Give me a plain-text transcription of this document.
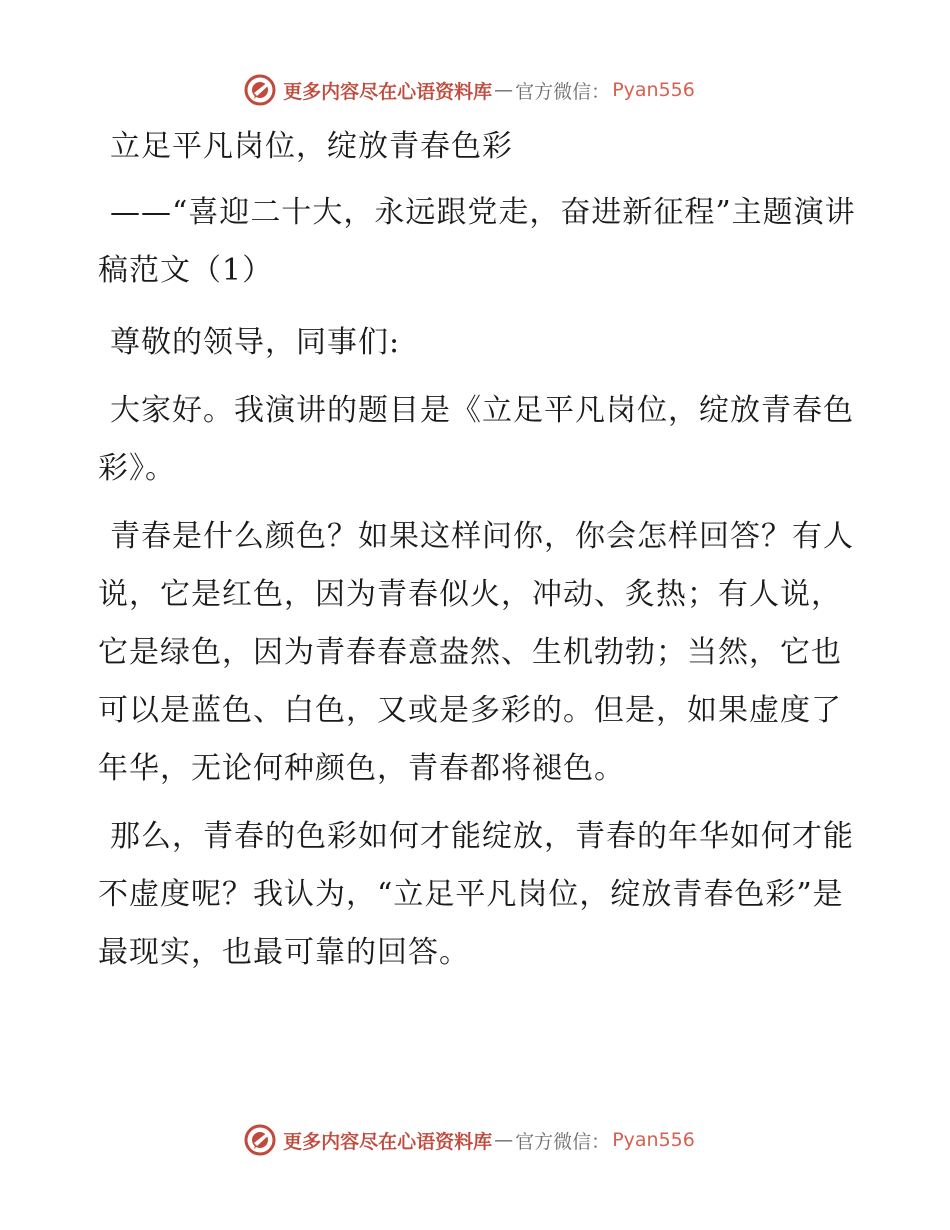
更多内容尽在心语资料库 — 官方微信： Pyan556

立足平凡岗位，绽放青春色彩

——“喜迎二十大，永远跟党走，奋进新征程”主题演讲稿范文（1）

尊敬的领导，同事们:

大家好。我演讲的题目是《立足平凡岗位，绽放青春色彩》。

青春是什么颜色？如果这样问你，你会怎样回答？有人说，它是红色，因为青春似火，冲动、炙热；有人说，它是绿色，因为青春春意盎然、生机勃勃；当然，它也可以是蓝色、白色，又或是多彩的。但是，如果虚度了年华，无论何种颜色，青春都将褪色。

那么，青春的色彩如何才能绽放，青春的年华如何才能不虚度呢？我认为，“立足平凡岗位，绽放青春色彩”是最现实，也最可靠的回答。

更多内容尽在心语资料库 — 官方微信： Pyan556
